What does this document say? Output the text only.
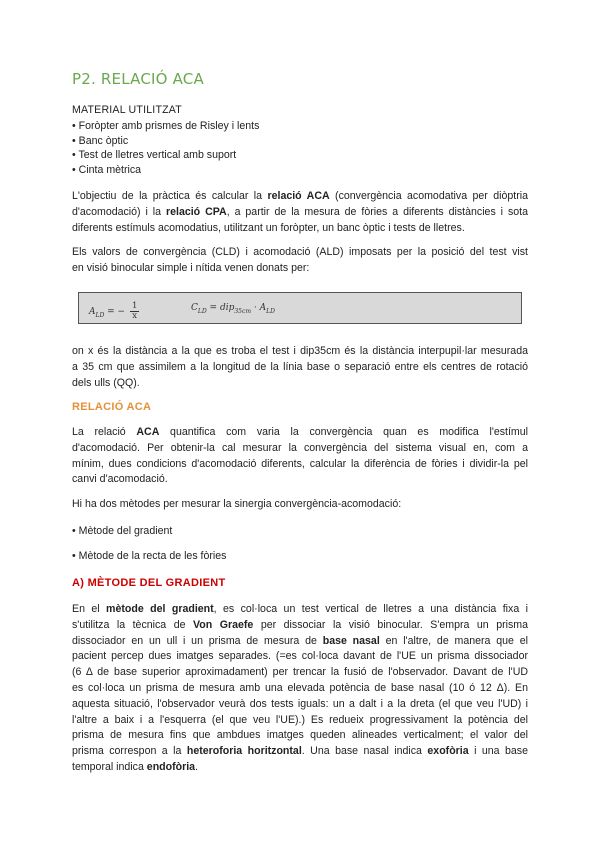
P2. RELACIÓ ACA
MATERIAL UTILITZAT
• Foròpter amb prismes de Risley i lents
• Banc òptic
• Test de lletres vertical amb suport
• Cinta mètrica
L'objectiu de la pràctica és calcular la relació ACA (convergència acomodativa per diòptria
d'acomodació) i la relació CPA, a partir de la mesura de fòries a diferents distàncies i sota
diferents estímuls acomodatius, utilitzant un foròpter, un banc òptic i tests de lletres.
Els valors de convergència (CLD) i acomodació (ALD) imposats per la posició del test vist
en visió binocular simple i nítida venen donats per:
$A_{LD}$ = − $\frac{1}{x}$	$C_{LD} = dip_{35cm} \cdot A_{LD}$
on x és la distància a la que es troba el test i dip35cm és la distància interpupil·lar mesurada
a 35 cm que assimilem a la longitud de la línia base o separació entre els centres de rotació
dels ulls (QQ).
RELACIÓ ACA
La relació ACA quantifica com varia la convergència quan es modifica l'estímul
d'acomodació. Per obtenir-la cal mesurar la convergència del sistema visual en, com a
mínim, dues condicions d'acomodació diferents, calcular la diferència de fòries i dividir-la pel
canvi d'acomodació.
Hi ha dos mètodes per mesurar la sinergia convergència-acomodació:
• Mètode del gradient
• Mètode de la recta de les fòries
A) MÈTODE DEL GRADIENT
En el mètode del gradient, es col·loca un test vertical de lletres a una distància fixa i
s'utilitza la tècnica de Von Graefe per dissociar la visió binocular. S'empra un prisma
dissociador en un ull i un prisma de mesura de base nasal en l'altre, de manera que el
pacient percep dues imatges separades. (=es col·loca davant de l'UE un prisma dissociador
(6 Δ de base superior aproximadament) per trencar la fusió de l'observador. Davant de l'UD
es col·loca un prisma de mesura amb una elevada potència de base nasal (10 ó 12 Δ). En
aquesta situació, l'observador veurà dos tests iguals: un a dalt i a la dreta (el que veu l'UD) i
l'altre a baix i a l'esquerra (el que veu l'UE).) Es redueix progressivament la potència del
prisma de mesura fins que ambdues imatges queden alineades verticalment; el valor del
prisma correspon a la heteroforia horitzontal. Una base nasal indica exofòria i una base
temporal indica endofòria.
